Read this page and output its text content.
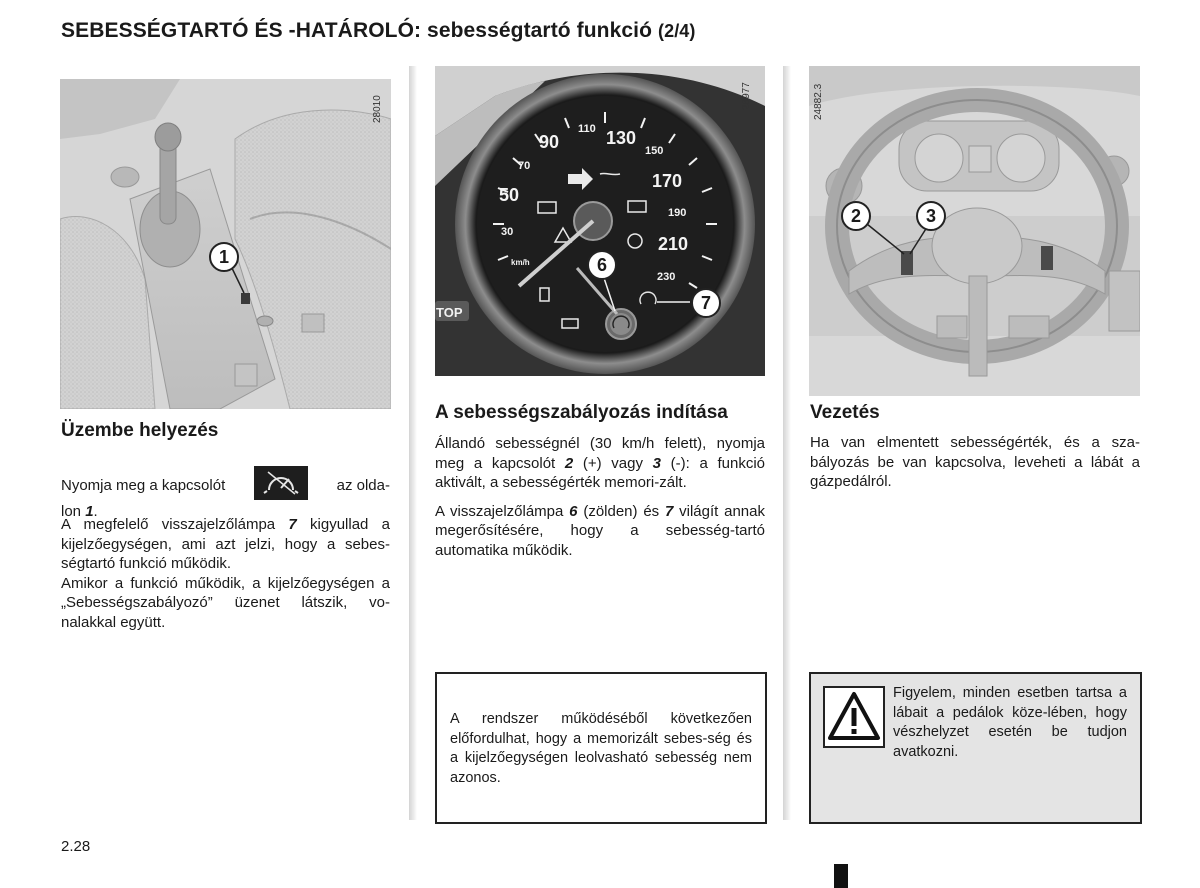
SEBESSÉGTARTÓ ÉS -HATÁROLÓ: sebességtartó funkció (2/4)
28010
1
30
50
70
90
110 130
150
170
190
210
230
km/h
TOP
28977
6
7
24882.3
2	3
Üzembe helyezés

Nyomja meg a kapcsolót	az olda-

lon 1.

A megfelelő visszajelzőlámpa 7 kigyullad a kijelzőegységen, ami azt jelzi, hogy a sebes-ségtartó funkció működik.

Amikor a funkció működik, a kijelzőegységen a „Sebességszabályozó” üzenet látszik, vo-nalakkal együtt.

A sebességszabályozás indítása

Állandó sebességnél (30 km/h felett), nyomja meg a kapcsolót 2 (+) vagy 3 (-): a funkció aktivált, a sebességérték memori-zált.

A visszajelzőlámpa 6 (zölden) és 7 világít annak megerősítésére, hogy a sebesség-tartó automatika működik.

A rendszer működéséből következően előfordulhat, hogy a memorizált sebes-ség és a kijelzőegységen leolvasható sebesség nem azonos.
Vezetés
Ha van elmentett sebességérték, és a sza-bályozás be van kapcsolva, leveheti a lábát a gázpedálról.
Figyelem, minden esetben tartsa a lábait a pedálok köze-lében, hogy vészhelyzet esetén be tudjon avatkozni.
2.28
